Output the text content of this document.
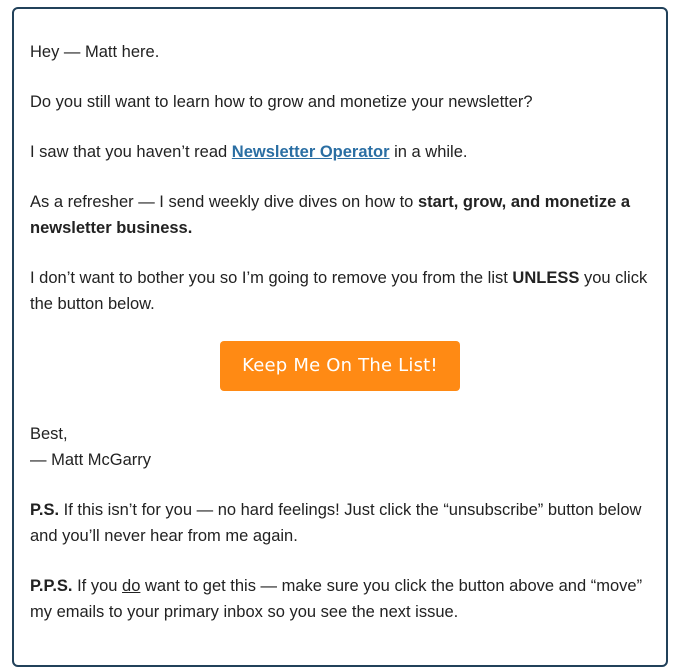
Hey — Matt here.

Do you still want to learn how to grow and monetize your newsletter?

I saw that you haven’t read Newsletter Operator in a while.

As a refresher — I send weekly dive dives on how to start, grow, and monetize a newsletter business.

I don’t want to bother you so I’m going to remove you from the list UNLESS you click the button below.

Keep Me On The List!
Best,
— Matt McGarry

P.S. If this isn’t for you — no hard feelings! Just click the “unsubscribe” button below and you’ll never hear from me again.

P.P.S. If you do want to get this — make sure you click the button above and “move” my emails to your primary inbox so you see the next issue.
